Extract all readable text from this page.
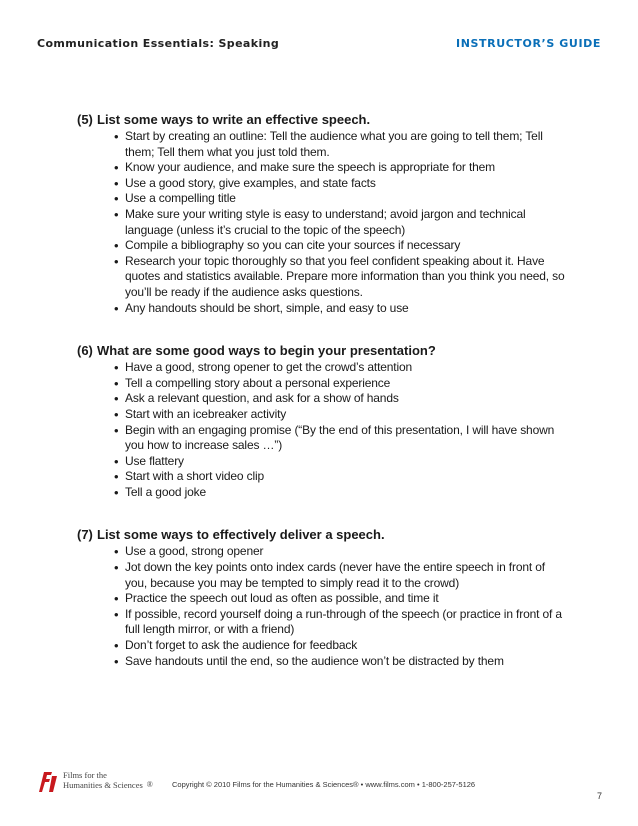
Communication Essentials: Speaking	INSTRUCTOR’S GUIDE
(5) List some ways to write an effective speech.
• Start by creating an outline: Tell the audience what you are going to tell them; Tell them; Tell them what you just told them.
• Know your audience, and make sure the speech is appropriate for them
• Use a good story, give examples, and state facts
• Use a compelling title
• Make sure your writing style is easy to understand; avoid jargon and technical language (unless it’s crucial to the topic of the speech)
• Compile a bibliography so you can cite your sources if necessary
• Research your topic thoroughly so that you feel confident speaking about it. Have quotes and statistics available. Prepare more information than you think you need, so you’ll be ready if the audience asks questions.
• Any handouts should be short, simple, and easy to use
(6) What are some good ways to begin your presentation?
• Have a good, strong opener to get the crowd’s attention
• Tell a compelling story about a personal experience
• Ask a relevant question, and ask for a show of hands
• Start with an icebreaker activity
• Begin with an engaging promise (“By the end of this presentation, I will have shown you how to increase sales …”)
• Use flattery
• Start with a short video clip
• Tell a good joke
(7) List some ways to effectively deliver a speech.
• Use a good, strong opener
• Jot down the key points onto index cards (never have the entire speech in front of you, because you may be tempted to simply read it to the crowd)
• Practice the speech out loud as often as possible, and time it
• If possible, record yourself doing a run-through of the speech (or practice in front of a full length mirror, or with a friend)
• Don’t forget to ask the audience for feedback
• Save handouts until the end, so the audience won’t be distracted by them
Films for the
Humanities & Sciences ®	Copyright © 2010 Films for the Humanities & Sciences® • www.films.com • 1-800-257-5126
7
